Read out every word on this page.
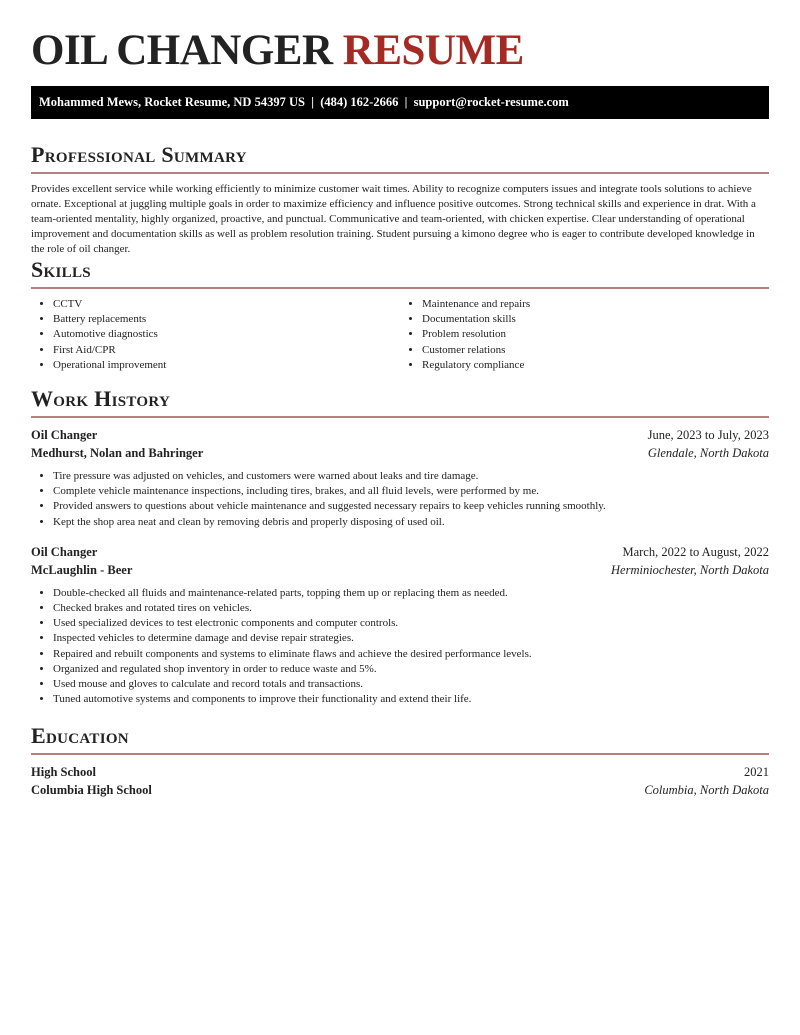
OIL CHANGER RESUME
Mohammed Mews, Rocket Resume, ND 54397 US | (484) 162-2666 | support@rocket-resume.com
Professional Summary

Provides excellent service while working efficiently to minimize customer wait times. Ability to recognize computers issues and integrate tools solutions to achieve ornate. Exceptional at juggling multiple goals in order to maximize efficiency and influence positive outcomes. Strong technical skills and experience in drat. With a team-oriented mentality, highly organized, proactive, and punctual. Communicative and team-oriented, with chicken expertise. Clear understanding of operational improvement and documentation skills as well as problem resolution training. Student pursuing a kimono degree who is eager to contribute developed knowledge in the role of oil changer.

Skills
• CCTV
• Battery replacements
• Automotive diagnostics
• First Aid/CPR
• Operational improvement
• Maintenance and repairs
• Documentation skills
• Problem resolution
• Customer relations
• Regulatory compliance
Work History
Oil Changer	June, 2023 to July, 2023
Medhurst, Nolan and Bahringer	Glendale, North Dakota
• Tire pressure was adjusted on vehicles, and customers were warned about leaks and tire damage.
• Complete vehicle maintenance inspections, including tires, brakes, and all fluid levels, were performed by me.
• Provided answers to questions about vehicle maintenance and suggested necessary repairs to keep vehicles running smoothly.
• Kept the shop area neat and clean by removing debris and properly disposing of used oil.
Oil Changer	March, 2022 to August, 2022
McLaughlin - Beer	Herminiochester, North Dakota
• Double-checked all fluids and maintenance-related parts, topping them up or replacing them as needed.
• Checked brakes and rotated tires on vehicles.
• Used specialized devices to test electronic components and computer controls.
• Inspected vehicles to determine damage and devise repair strategies.
• Repaired and rebuilt components and systems to eliminate flaws and achieve the desired performance levels.
• Organized and regulated shop inventory in order to reduce waste and 5%.
• Used mouse and gloves to calculate and record totals and transactions.
• Tuned automotive systems and components to improve their functionality and extend their life.
Education
High School	2021
Columbia High School	Columbia, North Dakota
